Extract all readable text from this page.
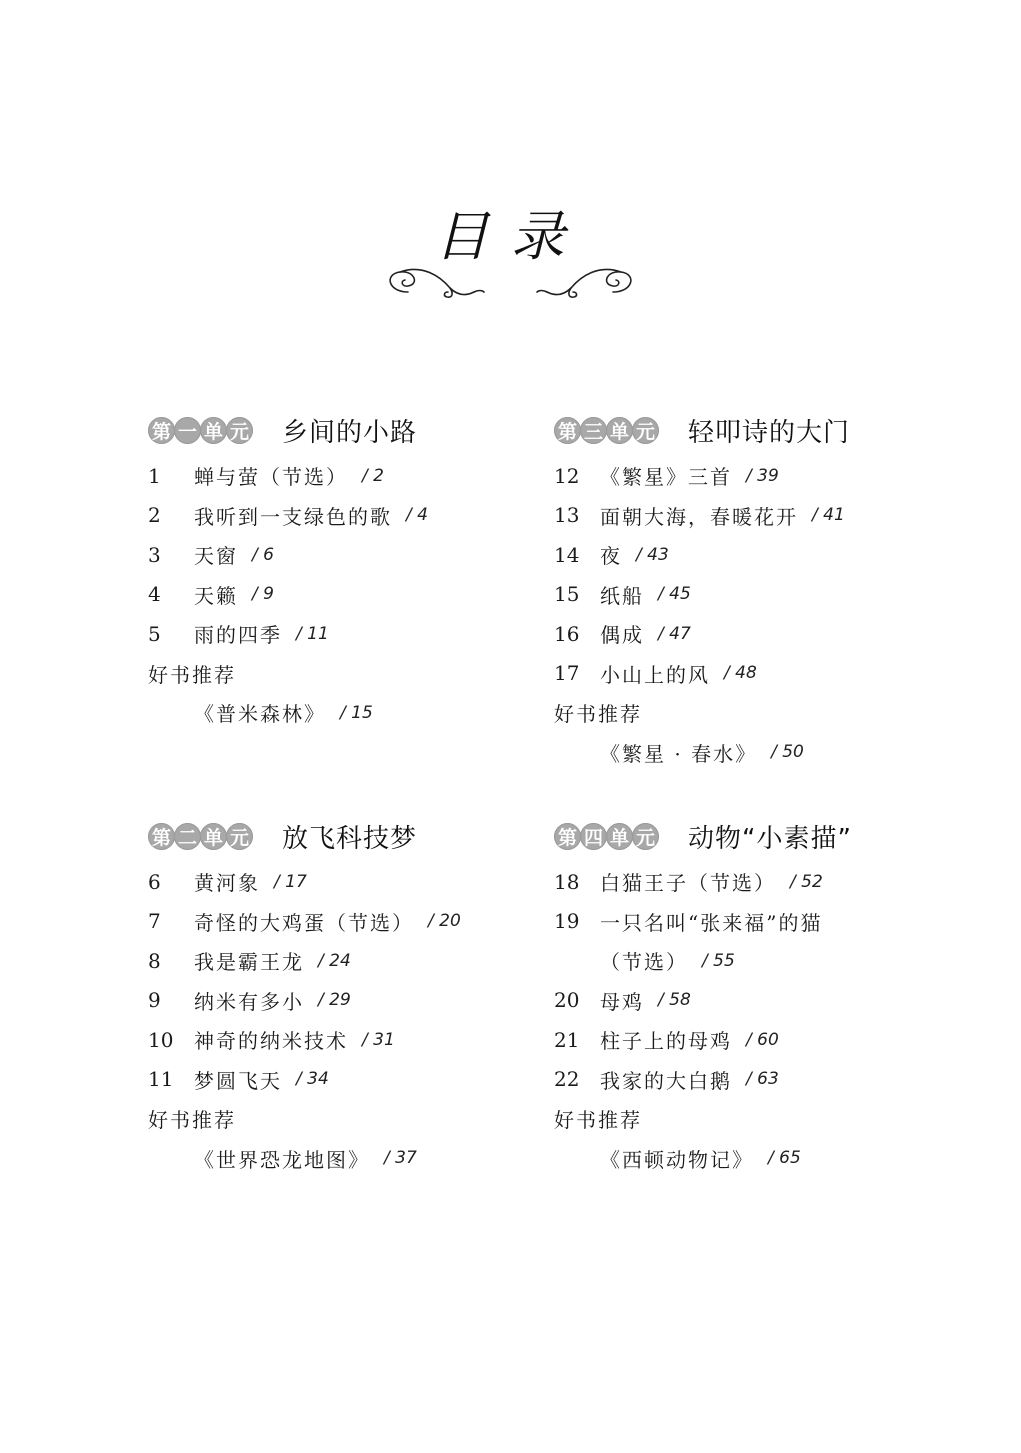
目录
第 一 单 元 乡间的小路
1	蝉与萤（节选） / 2
2	我听到一支绿色的歌 / 4
3	天窗 / 6
4	天籁 / 9
5	雨的四季 / 11
好书推荐
《普米森林》 / 15
第 二 单 元 放飞科技梦
6	黄河象 / 17
7	奇怪的大鸡蛋（节选） / 20
8	我是霸王龙 / 24
9	纳米有多小 / 29
10	神奇的纳米技术 / 31
11	梦圆飞天 / 34
好书推荐
《世界恐龙地图》 / 37
第 三 单 元 轻叩诗的大门
12	《繁星》三首 / 39
13	面朝大海，春暖花开 / 41
14	夜 / 43
15	纸船 / 45
16	偶成 / 47
17	小山上的风 / 48
好书推荐
《繁星 · 春水》 / 50
第 四 单 元 动物“小素描”
18	白猫王子（节选） / 52
19	一只名叫“张来福”的猫
（节选） / 55
20	母鸡 / 58
21	柱子上的母鸡 / 60
22	我家的大白鹅 / 63
好书推荐
《西顿动物记》 / 65
